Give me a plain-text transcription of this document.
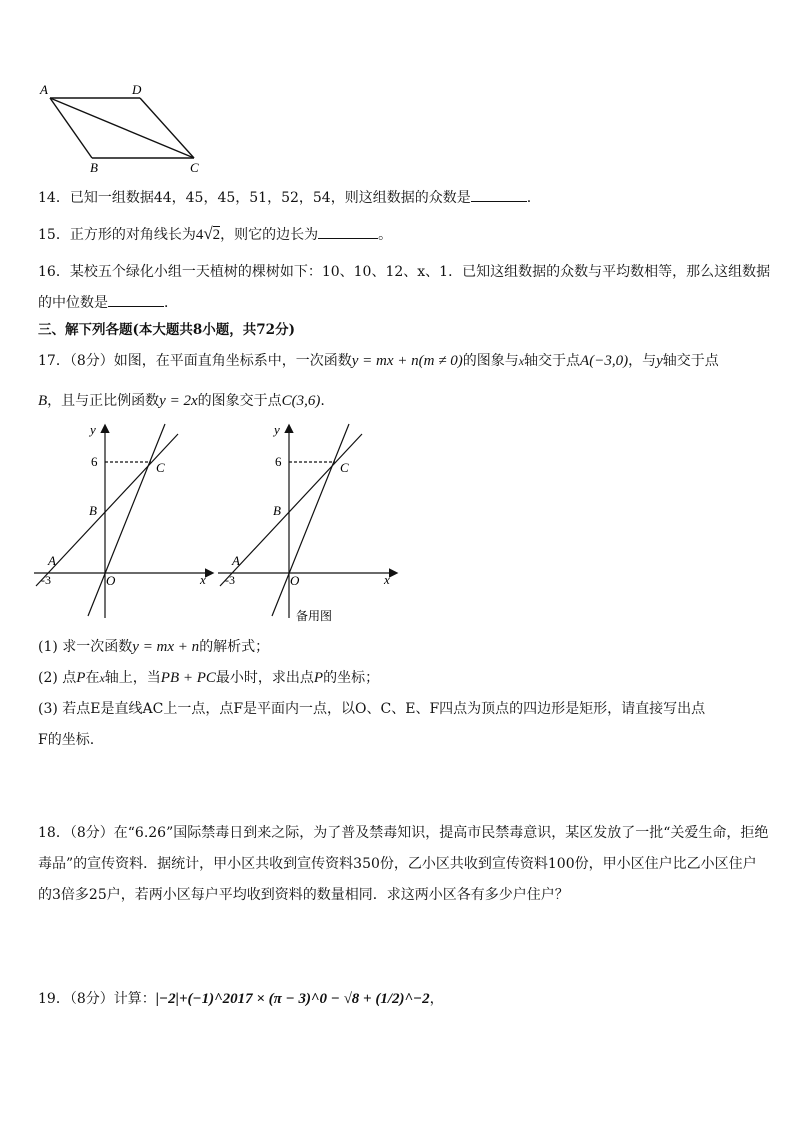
A	D
B	C
14．已知一组数据44，45，45，51，52，54，则这组数据的众数是	.
15．正方形的对角线长为4√2，则它的边长为	。
16．某校五个绿化小组一天植树的棵树如下：10、10、12、x、1．已知这组数据的众数与平均数相等，那么这组数据
的中位数是	．
三、解下列各题(本大题共8小题，共72分)
17．（8分）如图，在平面直角坐标系中，一次函数y = mx + n(m ≠ 0)的图象与x轴交于点A(−3,0)，与y轴交于点
B，且与正比例函数y = 2x的图象交于点C(3,6).
y
x
6
-3
A
B
C
O
y
x
6
-3
A
B
C
O
备用图
(1) 求一次函数y = mx + n的解析式；
(2) 点P在x轴上，当PB + PC最小时，求出点P的坐标；
(3) 若点E是直线AC上一点，点F是平面内一点，以O、C、E、F四点为顶点的四边形是矩形，请直接写出点
F的坐标.
18．（8分）在“6.26”国际禁毒日到来之际，为了普及禁毒知识，提高市民禁毒意识，某区发放了一批“关爱生命，拒绝
毒品”的宣传资料．据统计，甲小区共收到宣传资料350份，乙小区共收到宣传资料100份，甲小区住户比乙小区住户
的3倍多25户，若两小区每户平均收到资料的数量相同．求这两小区各有多少户住户？
19．（8分）计算：|−2|+(−1)^2017 × (π − 3)^0 − √8 + (1/2)^−2，
